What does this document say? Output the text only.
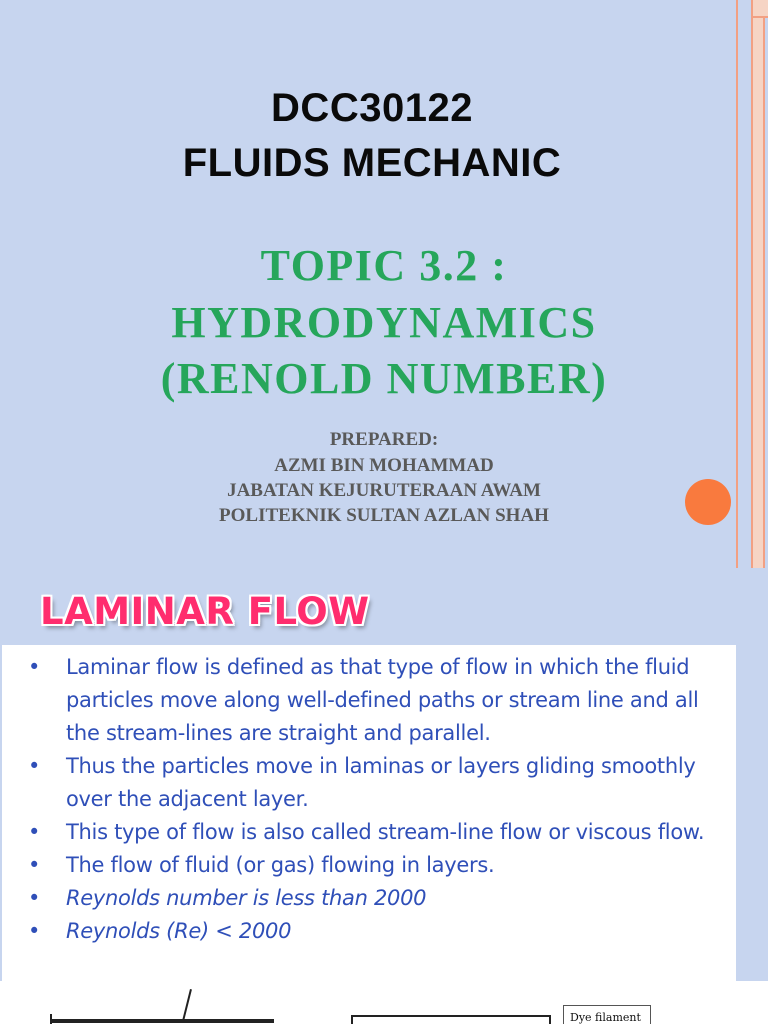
DCC30122
FLUIDS MECHANIC
TOPIC 3.2 :
HYDRODYNAMICS
(RENOLD NUMBER)

PREPARED:

AZMI BIN MOHAMMAD

JABATAN KEJURUTERAAN AWAM

POLITEKNIK SULTAN AZLAN SHAH

LAMINAR FLOW
• Laminar flow is defined as that type of flow in which the fluid particles move along well-defined paths or stream line and all the stream-lines are straight and parallel.
• Thus the particles move in laminas or layers gliding smoothly over the adjacent layer.
• This type of flow is also called stream-line flow or viscous flow.
• The flow of fluid (or gas) flowing in layers.
• Reynolds number is less than 2000
• Reynolds (Re) < 2000
Dye filament
